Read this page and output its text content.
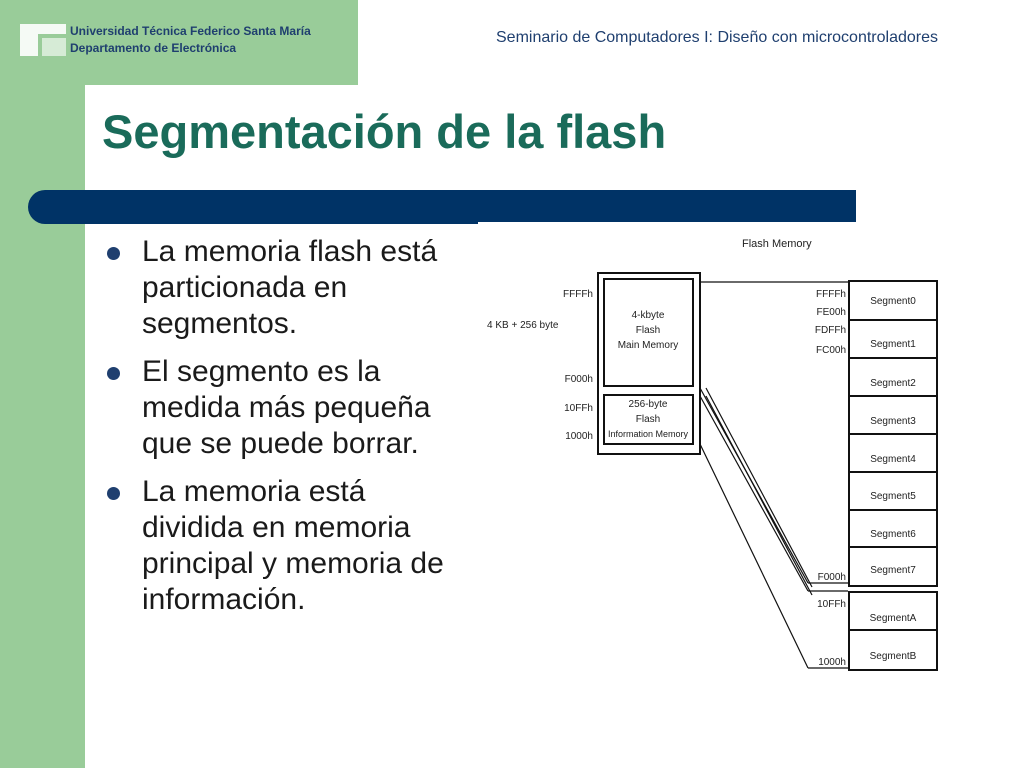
Universidad Técnica Federico Santa María
Departamento de Electrónica
Seminario de Computadores I: Diseño con microcontroladores
Segmentación de la flash
La memoria flash está
particionada en
segmentos.
El segmento es la
medida más pequeña
que se puede borrar.
La memoria está
dividida en memoria
principal y memoria de
información.
Flash Memory
4 KB + 256 byte
FFFFh
F000h
10FFh
1000h
4-kbyte
Flash
Main Memory
256-byte
Flash
Information Memory
FFFFh
FE00h
FDFFh
FC00h
F000h
10FFh
1000h
Segment0
Segment1
Segment2
Segment3
Segment4
Segment5
Segment6
Segment7
SegmentA
SegmentB
